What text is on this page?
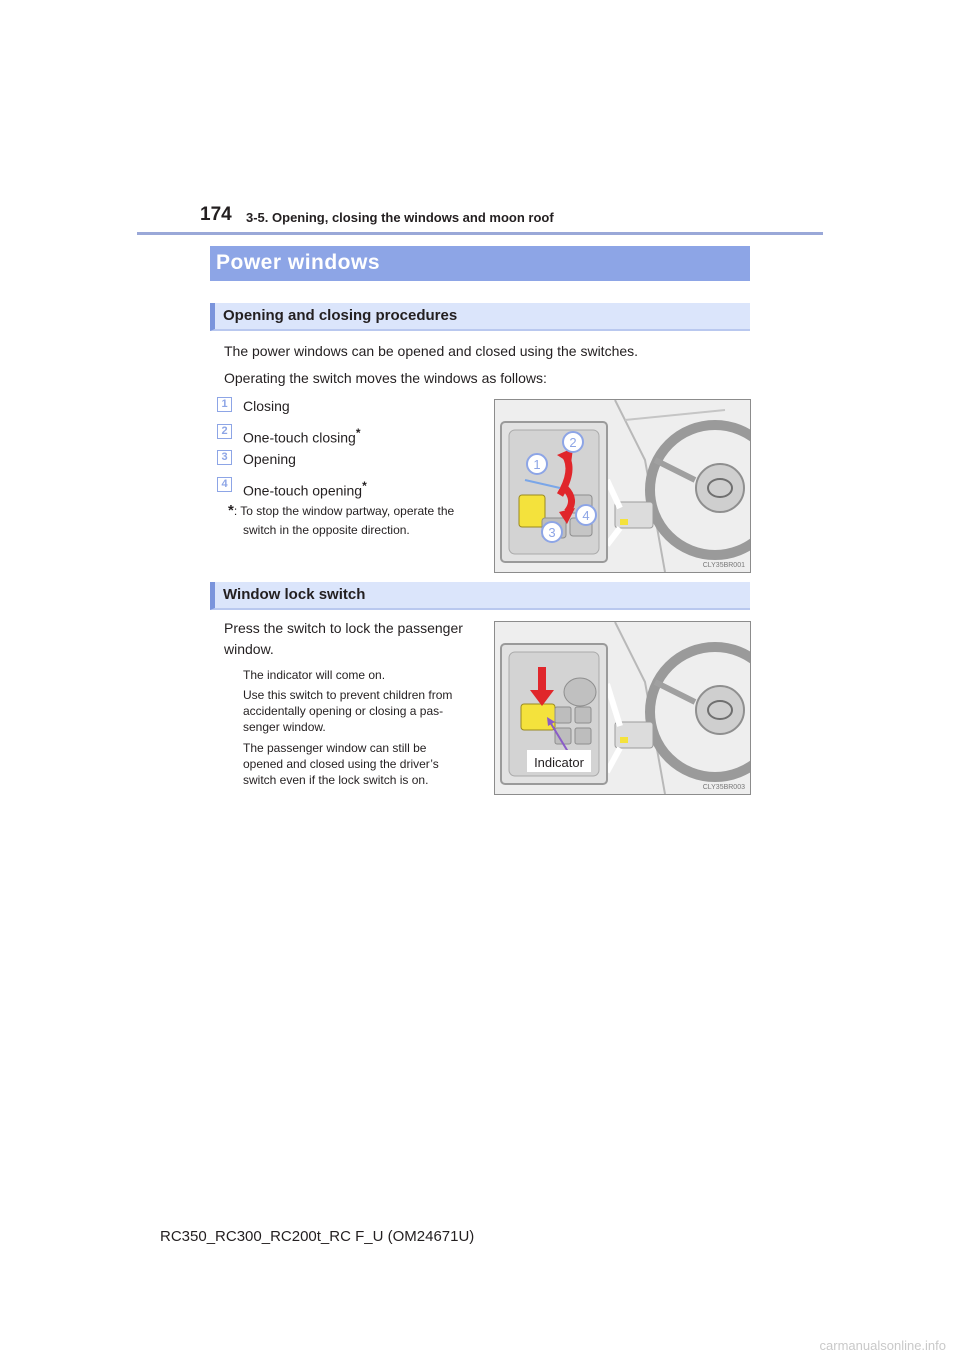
174 3-5. Opening, closing the windows and moon roof
Power windows
Opening and closing procedures
The power windows can be opened and closed using the switches.
Operating the switch moves the windows as follows:
1	Closing
2	One-touch closing*
3	Opening
4	One-touch opening*
*: To stop the window partway, operate the
switch in the opposite direction.
1
2
3
4
CLY35BR001
Window lock switch
Press the switch to lock the passenger
window.
The indicator will come on.
Use this switch to prevent children from
accidentally opening or closing a pas-
senger window.
The passenger window can still be
opened and closed using the driver’s
switch even if the lock switch is on.
Indicator
CLY35BR003
RC350_RC300_RC200t_RC F_U (OM24671U)
carmanualsonline.info
